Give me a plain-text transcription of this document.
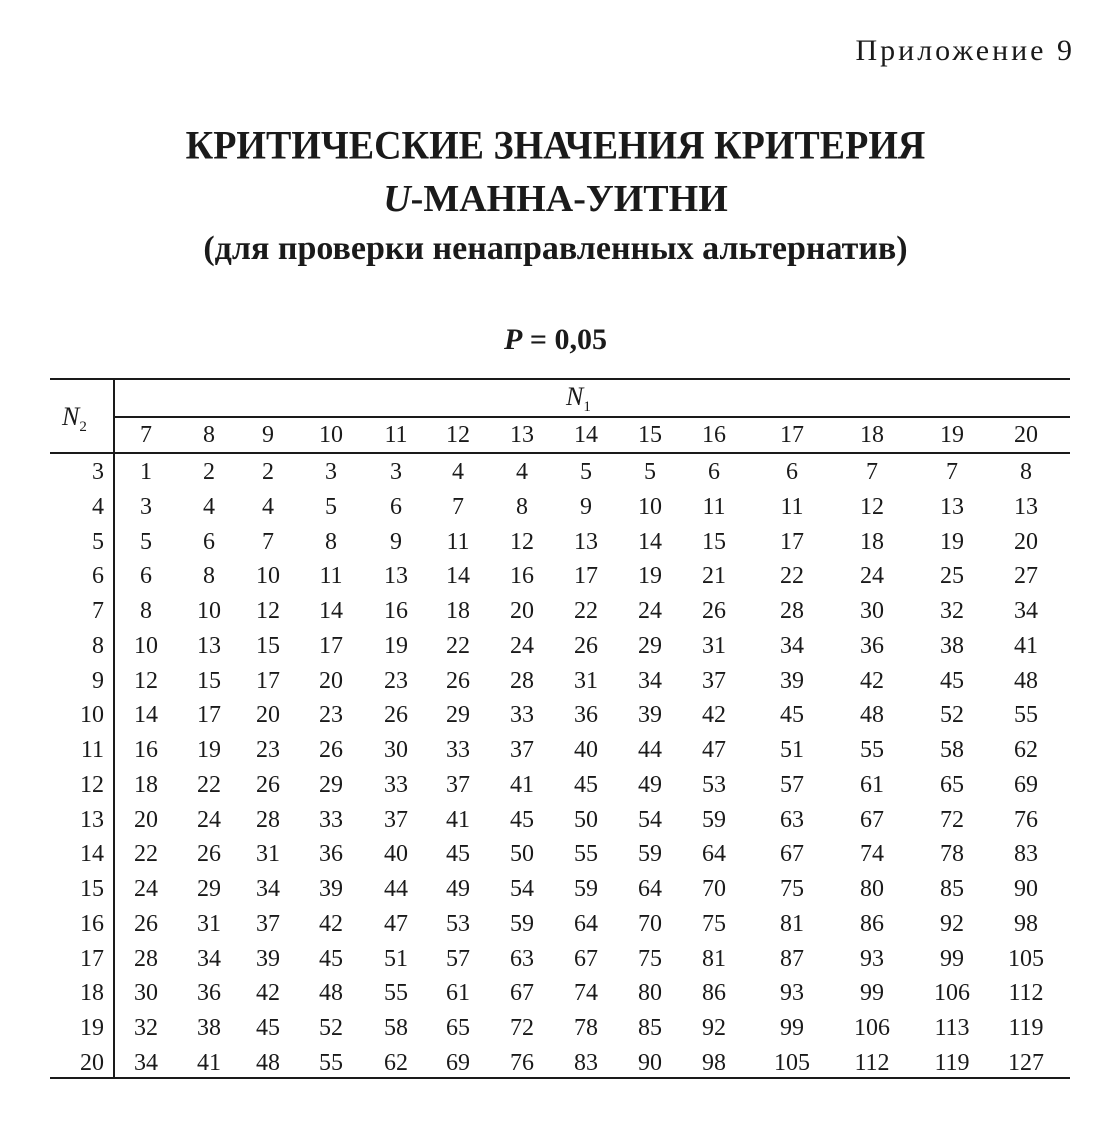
Приложение 9
КРИТИЧЕСКИЕ ЗНАЧЕНИЯ КРИТЕРИЯ
U-МАННА-УИТНИ
(для проверки ненаправленных альтернатив)
P = 0,05
$N_2$
$N_1$
7	8	9	10	11	12	13	14	15	16	17	18	19	20
3	1	2	2	3	3	4	4	5	5	6	6	7	7	8
4	3	4	4	5	6	7	8	9	10	11	11	12	13	13
5	5	6	7	8	9	11	12	13	14	15	17	18	19	20
6	6	8	10	11	13	14	16	17	19	21	22	24	25	27
7	8	10	12	14	16	18	20	22	24	26	28	30	32	34
8	10	13	15	17	19	22	24	26	29	31	34	36	38	41
9	12	15	17	20	23	26	28	31	34	37	39	42	45	48
10	14	17	20	23	26	29	33	36	39	42	45	48	52	55
11	16	19	23	26	30	33	37	40	44	47	51	55	58	62
12	18	22	26	29	33	37	41	45	49	53	57	61	65	69
13	20	24	28	33	37	41	45	50	54	59	63	67	72	76
14	22	26	31	36	40	45	50	55	59	64	67	74	78	83
15	24	29	34	39	44	49	54	59	64	70	75	80	85	90
16	26	31	37	42	47	53	59	64	70	75	81	86	92	98
17	28	34	39	45	51	57	63	67	75	81	87	93	99	105
18	30	36	42	48	55	61	67	74	80	86	93	99	106	112
19	32	38	45	52	58	65	72	78	85	92	99	106	113	119
20	34	41	48	55	62	69	76	83	90	98	105	112	119	127
